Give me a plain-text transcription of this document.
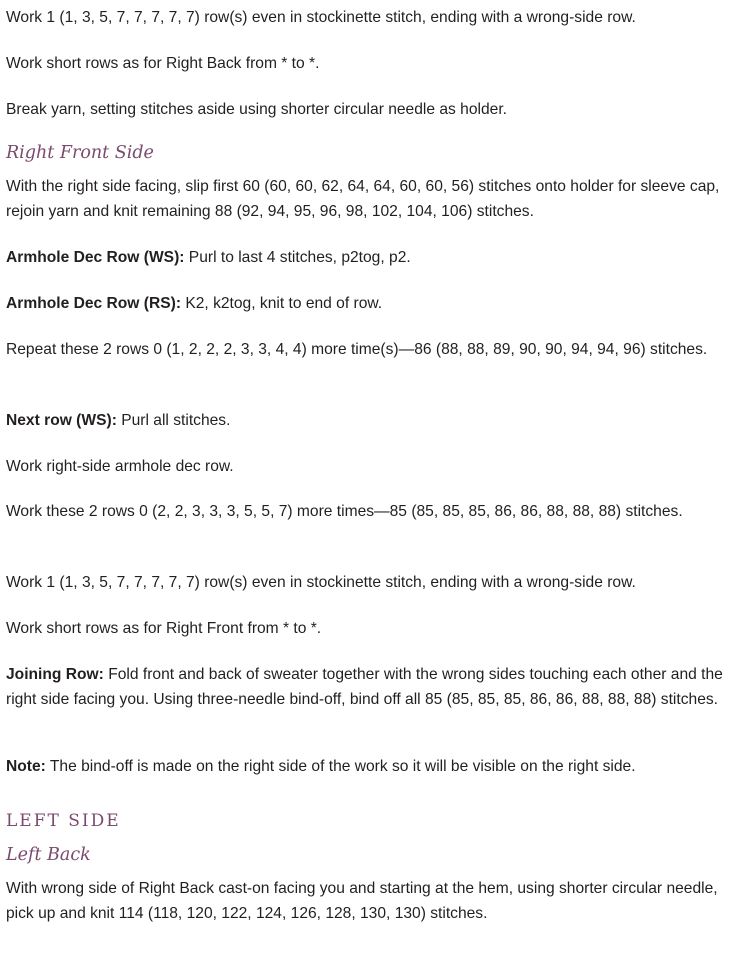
Work 1 (1, 3, 5, 7, 7, 7, 7, 7) row(s) even in stockinette stitch, ending with a wrong-side row.

Work short rows as for Right Back from * to *.

Break yarn, setting stitches aside using shorter circular needle as holder.

Right Front Side

With the right side facing, slip first 60 (60, 60, 62, 64, 64, 60, 60, 56) stitches onto holder for sleeve cap, rejoin yarn and knit remaining 88 (92, 94, 95, 96, 98, 102, 104, 106) stitches.

Armhole Dec Row (WS): Purl to last 4 stitches, p2tog, p2.

Armhole Dec Row (RS): K2, k2tog, knit to end of row.

Repeat these 2 rows 0 (1, 2, 2, 2, 3, 3, 4, 4) more time(s)—86 (88, 88, 89, 90, 90, 94, 94, 96) stitches.

Next row (WS): Purl all stitches.

Work right-side armhole dec row.

Work these 2 rows 0 (2, 2, 3, 3, 3, 5, 5, 7) more times—85 (85, 85, 85, 86, 86, 88, 88, 88) stitches.

Work 1 (1, 3, 5, 7, 7, 7, 7, 7) row(s) even in stockinette stitch, ending with a wrong-side row.

Work short rows as for Right Front from * to *.

Joining Row: Fold front and back of sweater together with the wrong sides touching each other and the right side facing you. Using three-needle bind-off, bind off all 85 (85, 85, 85, 86, 86, 88, 88, 88) stitches.

Note: The bind-off is made on the right side of the work so it will be visible on the right side.

LEFT SIDE
Left Back

With wrong side of Right Back cast-on facing you and starting at the hem, using shorter circular needle, pick up and knit 114 (118, 120, 122, 124, 126, 128, 130, 130) stitches.
